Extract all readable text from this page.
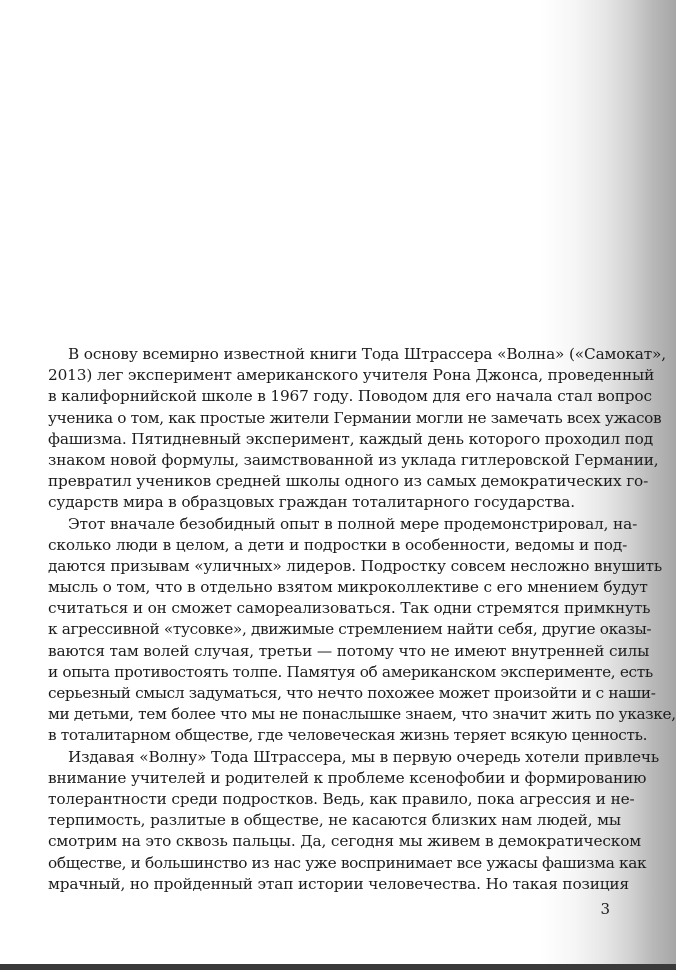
В основу всемирно известной книги Тода Штрассера «Волна» («Самокат»,
2013) лег эксперимент американского учителя Рона Джонса, проведенный
в калифорнийской школе в 1967 году. Поводом для его начала стал вопрос
ученика о том, как простые жители Германии могли не замечать всех ужасов
фашизма. Пятидневный эксперимент, каждый день которого проходил под
знаком новой формулы, заимствованной из уклада гитлеровской Германии,
превратил учеников средней школы одного из самых демократических го-
сударств мира в образцовых граждан тоталитарного государства.
Этот вначале безобидный опыт в полной мере продемонстрировал, на-
сколько люди в целом, а дети и подростки в особенности, ведомы и под-
даются призывам «уличных» лидеров. Подростку совсем несложно внушить
мысль о том, что в отдельно взятом микроколлективе с его мнением будут
считаться и он сможет самореализоваться. Так одни стремятся примкнуть
к агрессивной «тусовке», движимые стремлением найти себя, другие оказы-
ваются там волей случая, третьи — потому что не имеют внутренней силы
и опыта противостоять толпе. Памятуя об американском эксперименте, есть
серьезный смысл задуматься, что нечто похожее может произойти и с наши-
ми детьми, тем более что мы не понаслышке знаем, что значит жить по указке,
в тоталитарном обществе, где человеческая жизнь теряет всякую ценность.
Издавая «Волну» Тода Штрассера, мы в первую очередь хотели привлечь
внимание учителей и родителей к проблеме ксенофобии и формированию
толерантности среди подростков. Ведь, как правило, пока агрессия и не-
терпимость, разлитые в обществе, не касаются близких нам людей, мы
смотрим на это сквозь пальцы. Да, сегодня мы живем в демократическом
обществе, и большинство из нас уже воспринимает все ужасы фашизма как
мрачный, но пройденный этап истории человечества. Но такая позиция
3
